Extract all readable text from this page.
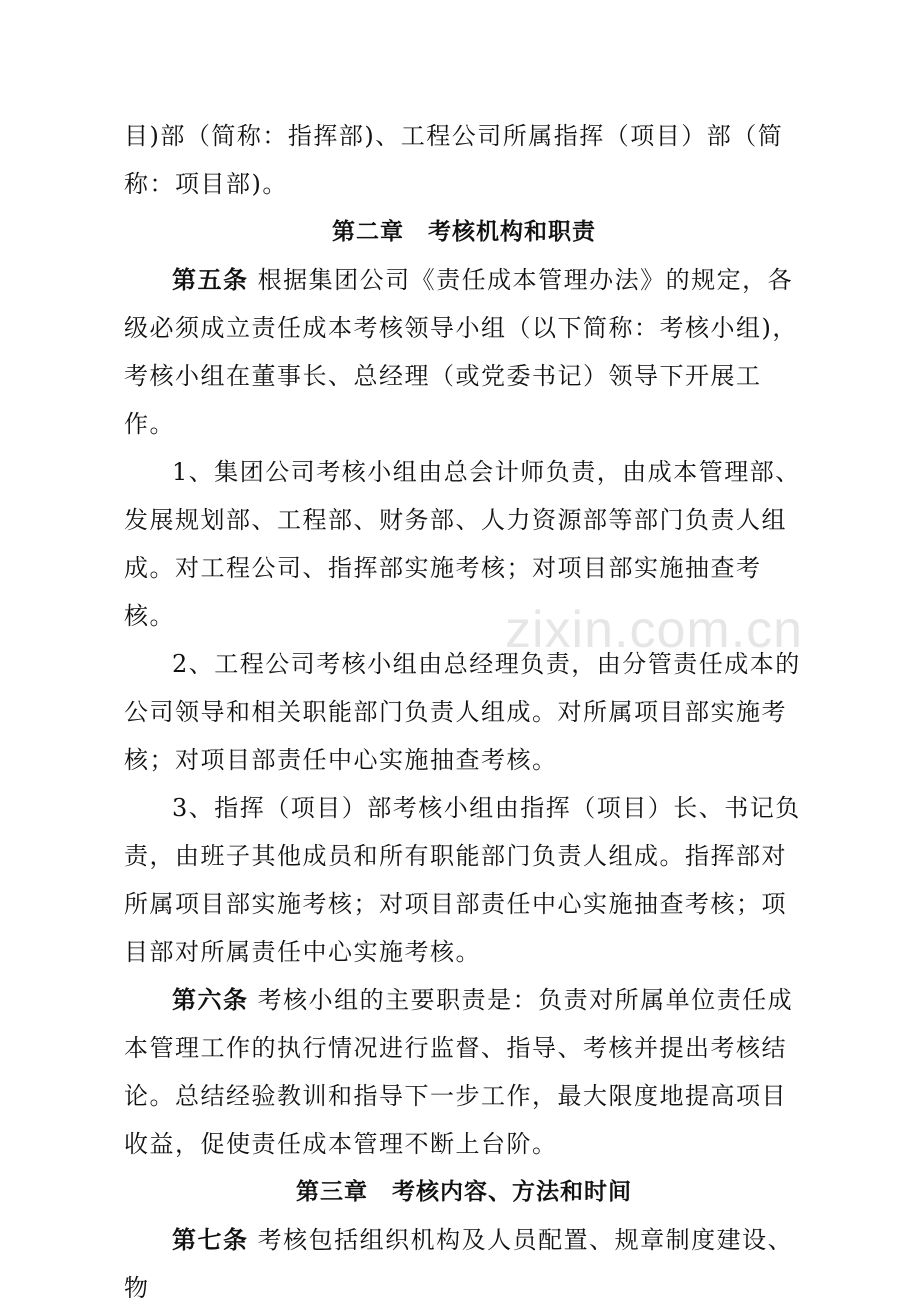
zixin.com.cn

目)部（简称：指挥部)、工程公司所属指挥（项目）部（简称：项目部)。

第二章　考核机构和职责

第五条 根据集团公司《责任成本管理办法》的规定，各级必须成立责任成本考核领导小组（以下简称：考核小组)，考核小组在董事长、总经理（或党委书记）领导下开展工作。

1、集团公司考核小组由总会计师负责，由成本管理部、发展规划部、工程部、财务部、人力资源部等部门负责人组成。对工程公司、指挥部实施考核；对项目部实施抽查考核。

2、工程公司考核小组由总经理负责，由分管责任成本的公司领导和相关职能部门负责人组成。对所属项目部实施考核；对项目部责任中心实施抽查考核。

3、指挥（项目）部考核小组由指挥（项目）长、书记负责，由班子其他成员和所有职能部门负责人组成。指挥部对所属项目部实施考核；对项目部责任中心实施抽查考核；项目部对所属责任中心实施考核。

第六条 考核小组的主要职责是：负责对所属单位责任成本管理工作的执行情况进行监督、指导、考核并提出考核结论。总结经验教训和指导下一步工作，最大限度地提高项目收益，促使责任成本管理不断上台阶。

第三章　考核内容、方法和时间

第七条 考核包括组织机构及人员配置、规章制度建设、物
